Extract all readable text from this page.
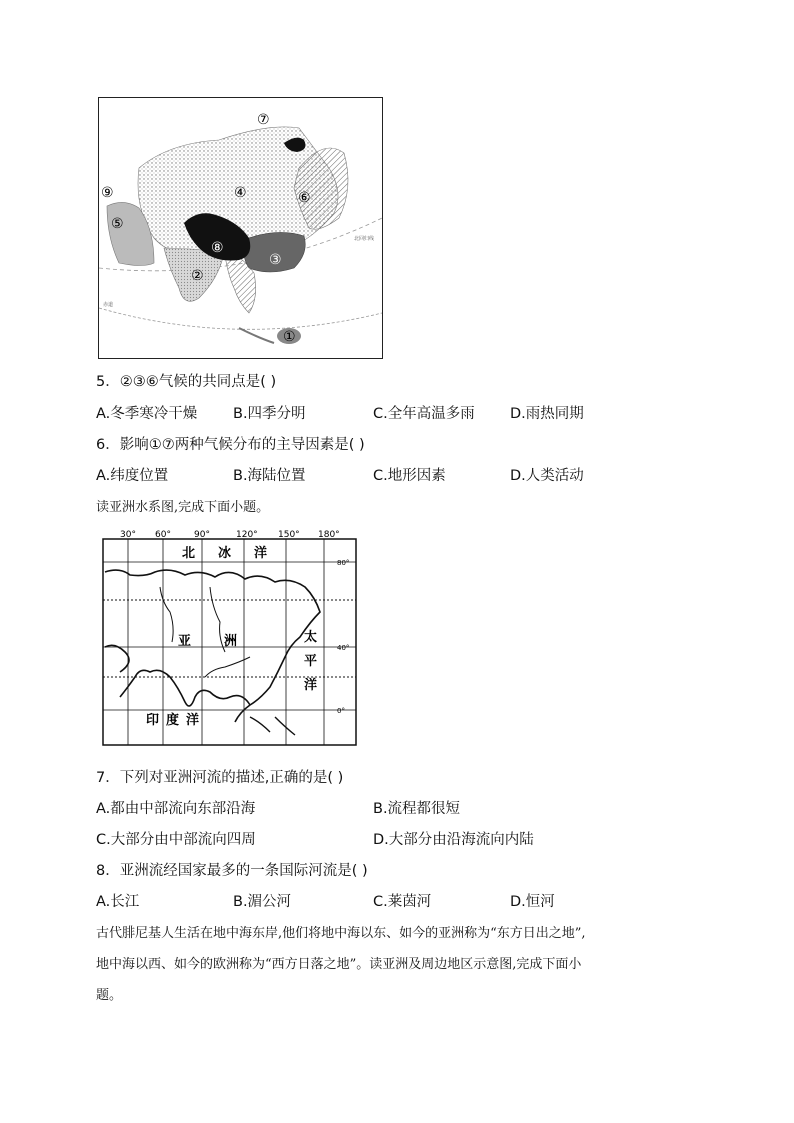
⑦
④	⑥
⑨
⑤
⑧
③
②
①
赤道
北回归线
5．②③⑥气候的共同点是( )
A.冬季寒冷干燥 B.四季分明	C.全年高温多雨 D.雨热同期
6．影响①⑦两种气候分布的主导因素是( )
A.纬度位置	B.海陆位置	C.地形因素	D.人类活动
读亚洲水系图,完成下面小题。
30° 60°	90°	120° 150° 180°
80°
40°
0°
北 冰 洋
亚	洲	太
平
洋
印 度 洋
7．下列对亚洲河流的描述,正确的是( )
A.都由中部流向东部沿海	B.流程都很短
C.大部分由中部流向四周	D.大部分由沿海流向内陆
8．亚洲流经国家最多的一条国际河流是( )
A.长江	B.湄公河	C.莱茵河	D.恒河
古代腓尼基人生活在地中海东岸,他们将地中海以东、如今的亚洲称为“东方日出之地”,
地中海以西、如今的欧洲称为“西方日落之地”。读亚洲及周边地区示意图,完成下面小
题。
